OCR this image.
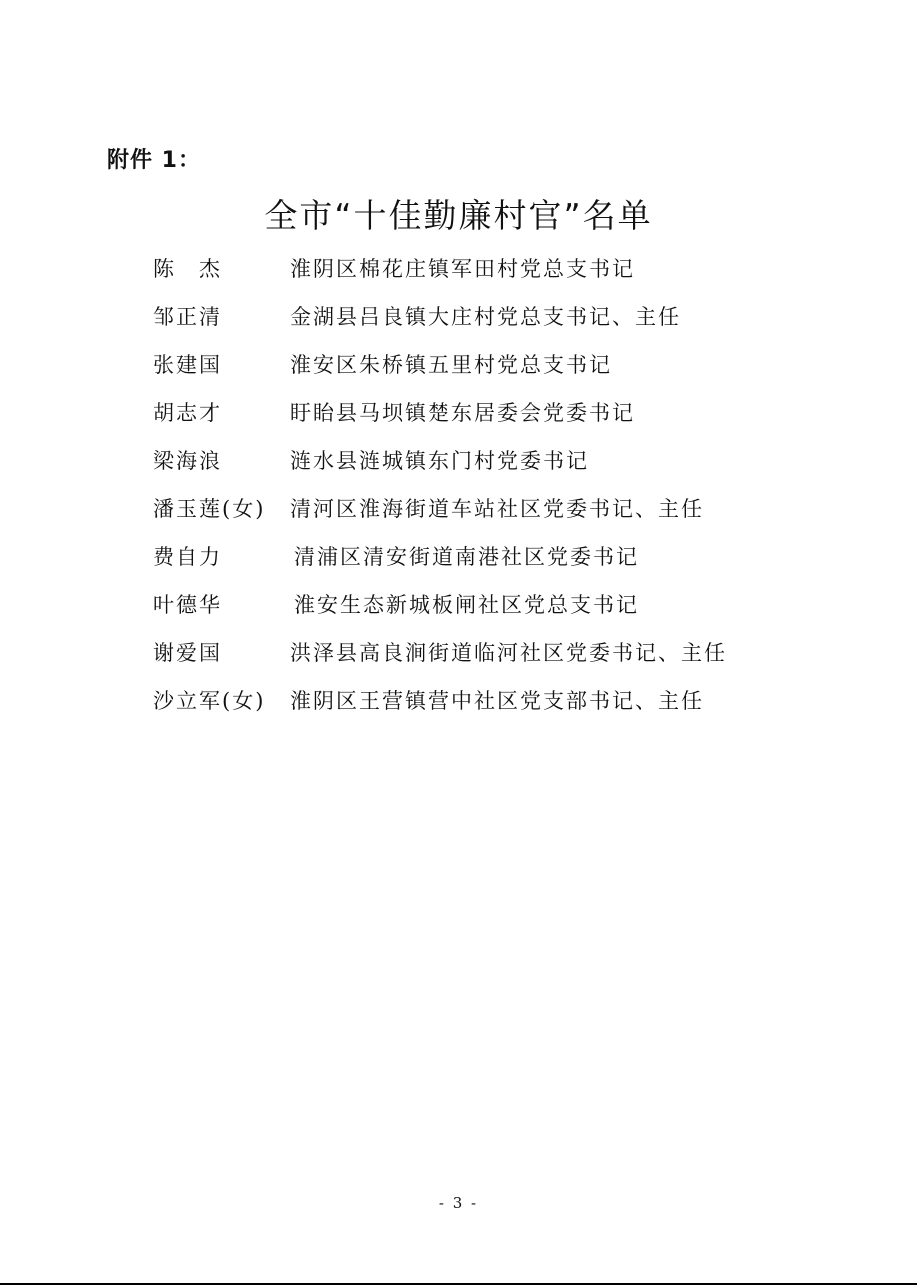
附件 1：
全市“十佳勤廉村官”名单
陈　杰	淮阴区棉花庄镇军田村党总支书记
邹正清	金湖县吕良镇大庄村党总支书记、主任
张建国	淮安区朱桥镇五里村党总支书记
胡志才	盱眙县马坝镇楚东居委会党委书记
梁海浪	涟水县涟城镇东门村党委书记
潘玉莲(女) 清河区淮海街道车站社区党委书记、主任
费自力	清浦区清安街道南港社区党委书记
叶德华	淮安生态新城板闸社区党总支书记
谢爱国	洪泽县高良涧街道临河社区党委书记、主任
沙立军(女) 淮阴区王营镇营中社区党支部书记、主任
- 3 -
